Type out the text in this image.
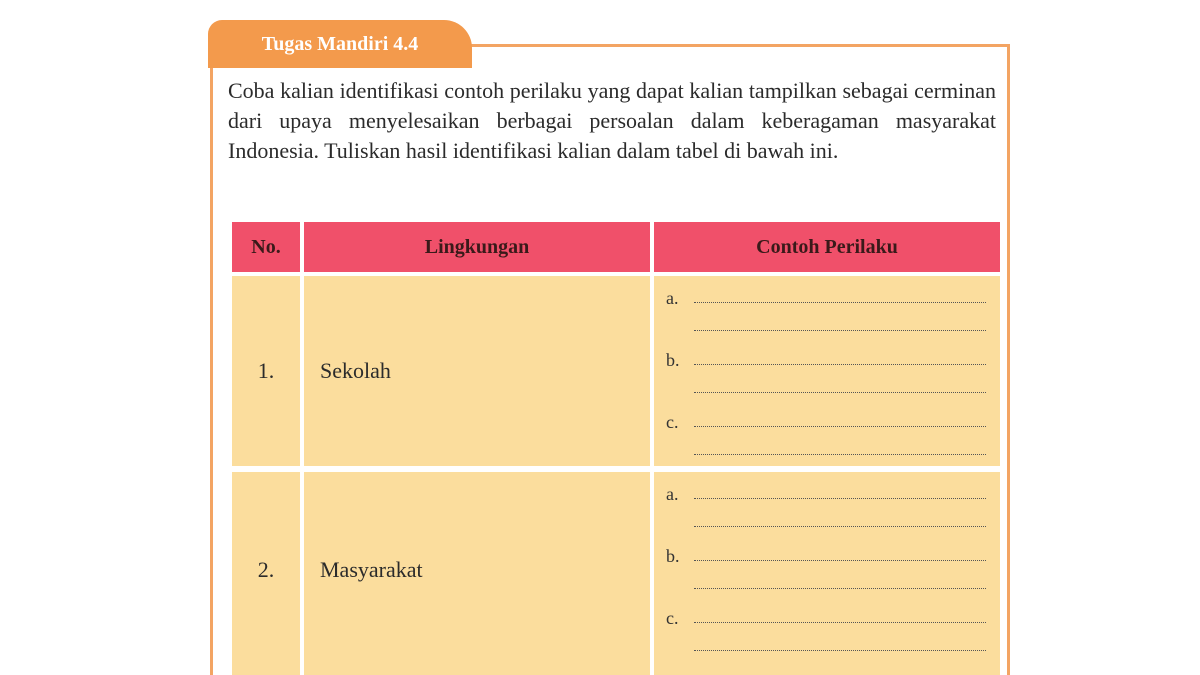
Tugas Mandiri 4.4
Coba kalian identifikasi contoh perilaku yang dapat kalian tampilkan sebagai cerminan dari upaya menyelesaikan berbagai persoalan dalam keberagaman masyarakat Indonesia. Tuliskan hasil identifikasi kalian dalam tabel di bawah ini.
No.	Lingkungan	Contoh Perilaku
1.	Sekolah
a.
b.
c.
2.	Masyarakat
a.
b.
c.
